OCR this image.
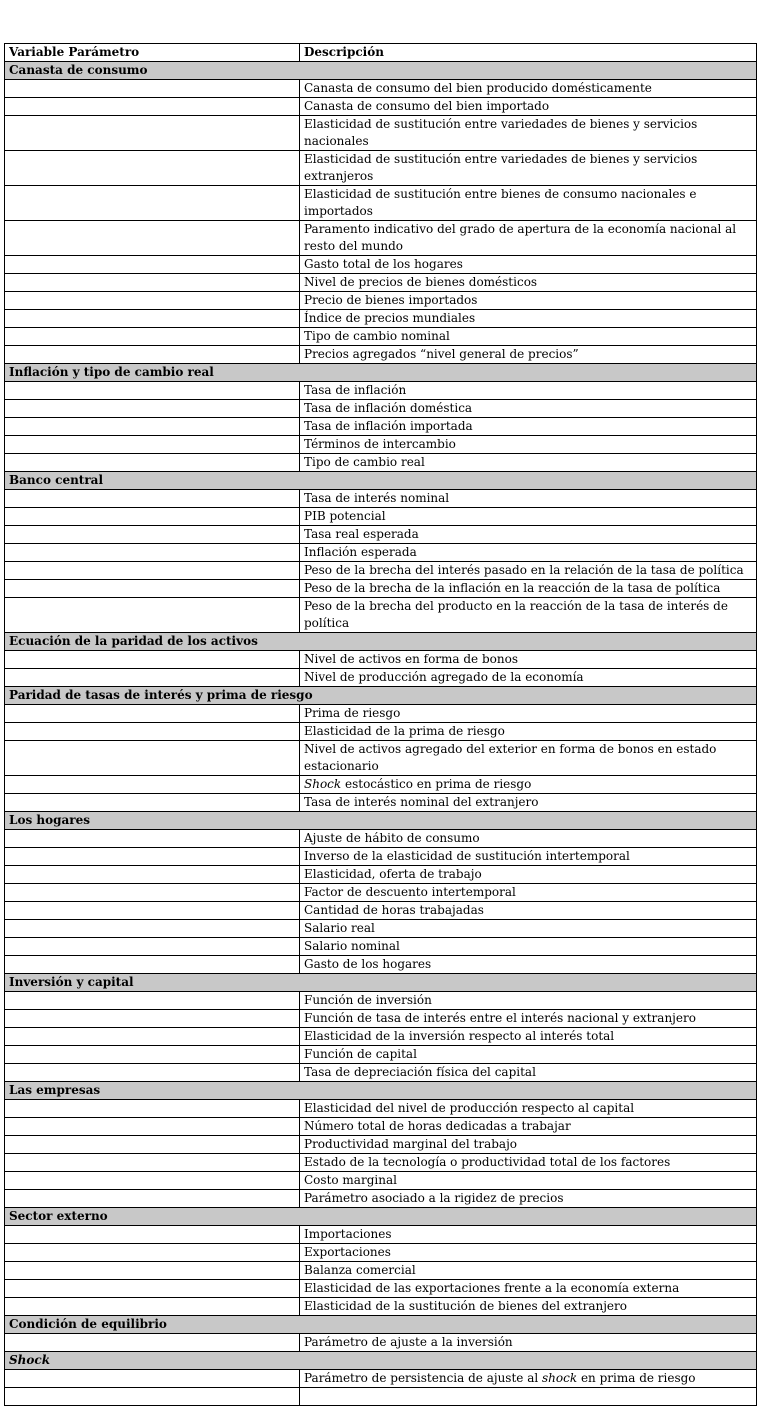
Variable Parámetro	Descripción
Canasta de consumo	
	Canasta de consumo del bien producido domésticamente
	Canasta de consumo del bien importado
	Elasticidad de sustitución entre variedades de bienes y servicios nacionales
	Elasticidad de sustitución entre variedades de bienes y servicios extranjeros
	Elasticidad de sustitución entre bienes de consumo nacionales e importados
	Paramento indicativo del grado de apertura de la economía nacional al resto del mundo
	Gasto total de los hogares
	Nivel de precios de bienes domésticos
	Precio de bienes importados
	Índice de precios mundiales
	Tipo de cambio nominal
	Precios agregados “nivel general de precios”
Inflación y tipo de cambio real	
	Tasa de inflación
	Tasa de inflación doméstica
	Tasa de inflación importada
	Términos de intercambio
	Tipo de cambio real
Banco central	
	Tasa de interés nominal
	PIB potencial
	Tasa real esperada
	Inflación esperada
	Peso de la brecha del interés pasado en la relación de la tasa de política
	Peso de la brecha de la inflación en la reacción de la tasa de política
	Peso de la brecha del producto en la reacción de la tasa de interés de política
Ecuación de la paridad de los activos	
	Nivel de activos en forma de bonos
	Nivel de producción agregado de la economía
Paridad de tasas de interés y prima de riesgo	
	Prima de riesgo
	Elasticidad de la prima de riesgo
	Nivel de activos agregado del exterior en forma de bonos en estado estacionario
	Shock estocástico en prima de riesgo
	Tasa de interés nominal del extranjero
Los hogares	
	Ajuste de hábito de consumo
	Inverso de la elasticidad de sustitución intertemporal
	Elasticidad, oferta de trabajo
	Factor de descuento intertemporal
	Cantidad de horas trabajadas
	Salario real
	Salario nominal
	Gasto de los hogares
Inversión y capital	
	Función de inversión
	Función de tasa de interés entre el interés nacional y extranjero
	Elasticidad de la inversión respecto al interés total
	Función de capital
	Tasa de depreciación física del capital
Las empresas	
	Elasticidad del nivel de producción respecto al capital
	Número total de horas dedicadas a trabajar
	Productividad marginal del trabajo
	Estado de la tecnología o productividad total de los factores
	Costo marginal
	Parámetro asociado a la rigidez de precios
Sector externo	
	Importaciones
	Exportaciones
	Balanza comercial
	Elasticidad de las exportaciones frente a la economía externa
	Elasticidad de la sustitución de bienes del extranjero
Condición de equilibrio	
	Parámetro de ajuste a la inversión
Shock	
	Parámetro de persistencia de ajuste al shock en prima de riesgo
